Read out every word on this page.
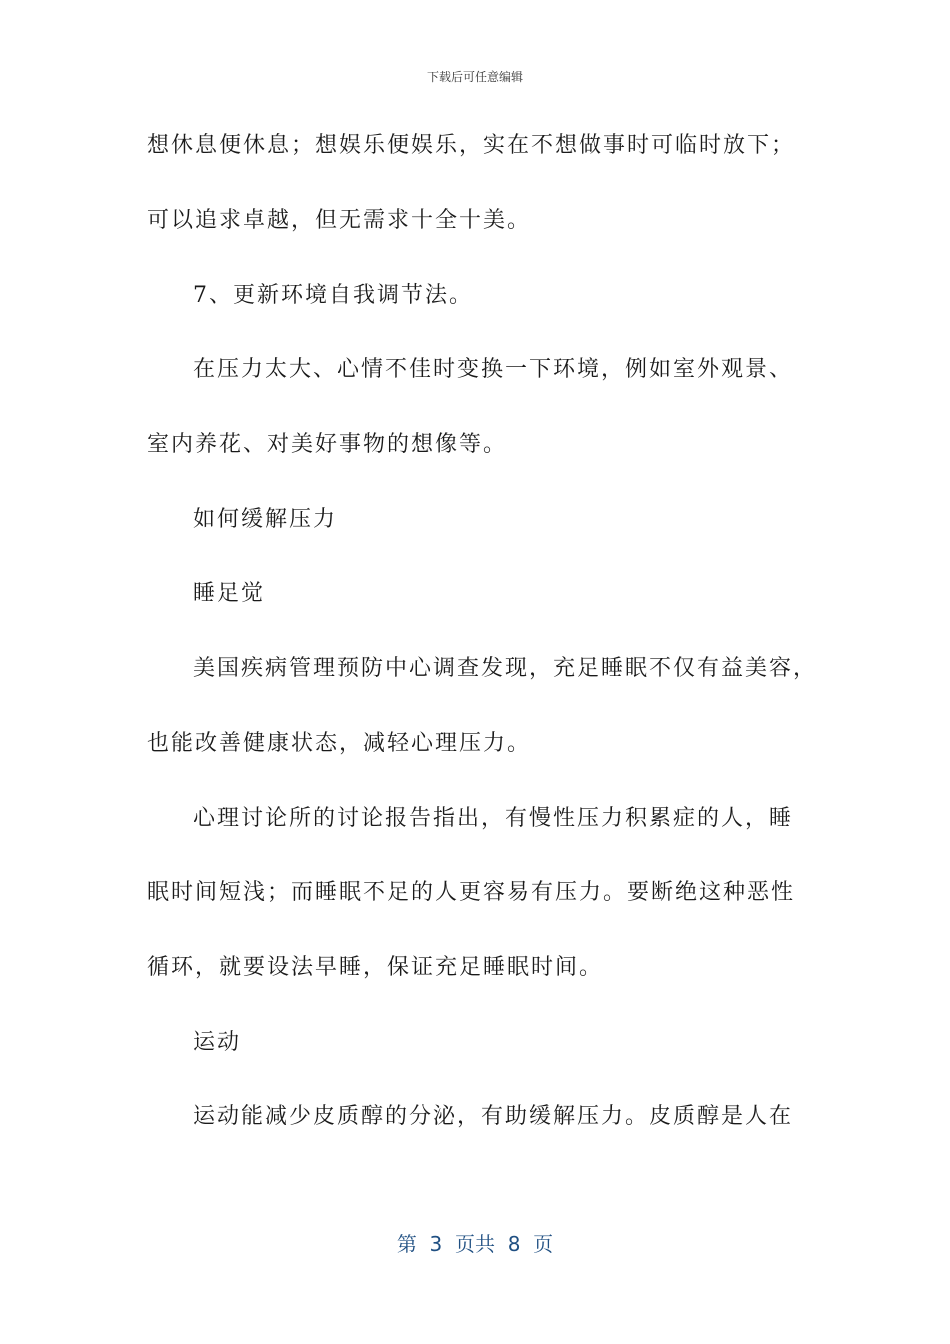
下载后可任意编辑
想休息便休息；想娱乐便娱乐，实在不想做事时可临时放下；
可以追求卓越，但无需求十全十美。
7、更新环境自我调节法。
在压力太大、心情不佳时变换一下环境，例如室外观景、
室内养花、对美好事物的想像等。
如何缓解压力
睡足觉
美国疾病管理预防中心调查发现，充足睡眠不仅有益美容，
也能改善健康状态，减轻心理压力。
心理讨论所的讨论报告指出，有慢性压力积累症的人，睡
眠时间短浅；而睡眠不足的人更容易有压力。要断绝这种恶性
循环，就要设法早睡，保证充足睡眠时间。
运动
运动能减少皮质醇的分泌，有助缓解压力。皮质醇是人在
第 3 页共 8 页
